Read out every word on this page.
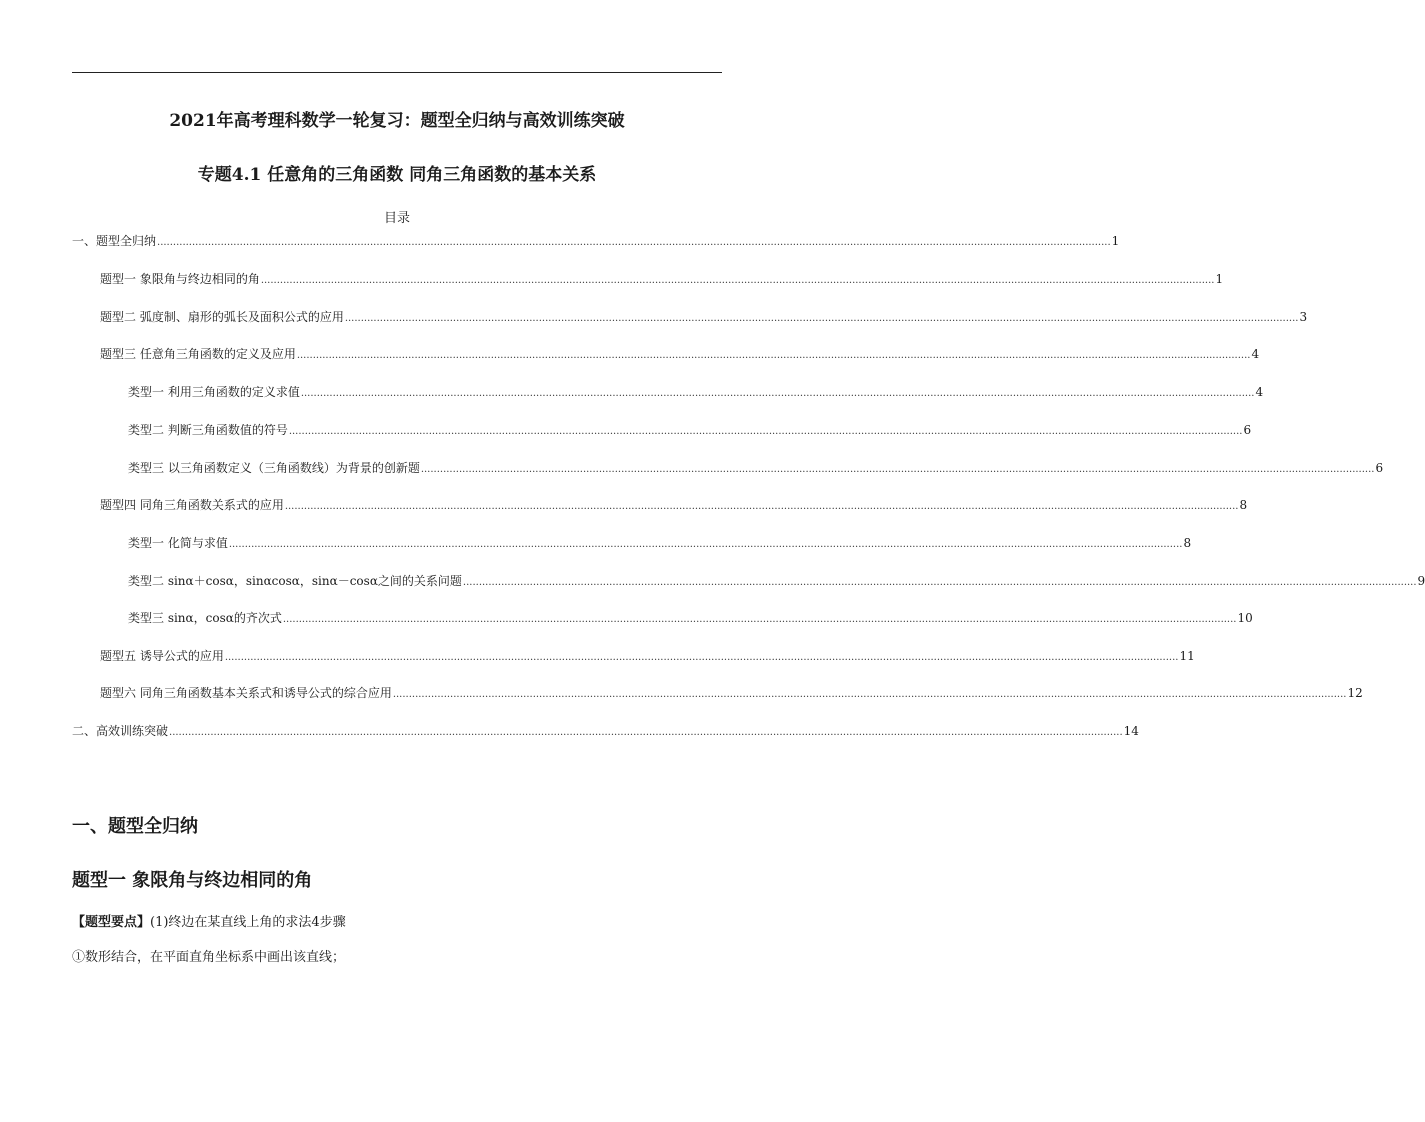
2021年高考理科数学一轮复习：题型全归纳与高效训练突破
专题4.1 任意角的三角函数 同角三角函数的基本关系
目录
一、题型全归纳 ............................................................................................................................................................................................................................................................................................................ 1
题型一 象限角与终边相同的角 ............................................................................................................................................................................................................................................................................................................ 1
题型二 弧度制、扇形的弧长及面积公式的应用 ............................................................................................................................................................................................................................................................................................................ 3
题型三 任意角三角函数的定义及应用 ............................................................................................................................................................................................................................................................................................................ 4
类型一 利用三角函数的定义求值 ............................................................................................................................................................................................................................................................................................................ 4
类型二 判断三角函数值的符号 ............................................................................................................................................................................................................................................................................................................ 6
类型三 以三角函数定义（三角函数线）为背景的创新题 ............................................................................................................................................................................................................................................................................................................ 6
题型四 同角三角函数关系式的应用 ............................................................................................................................................................................................................................................................................................................ 8
类型一 化简与求值 ............................................................................................................................................................................................................................................................................................................ 8
类型二 sinα＋cosα，sinαcosα，sinα－cosα之间的关系问题 ............................................................................................................................................................................................................................................................................................................ 9
类型三 sinα，cosα的齐次式 ............................................................................................................................................................................................................................................................................................................ 10
题型五 诱导公式的应用 ............................................................................................................................................................................................................................................................................................................ 11
题型六 同角三角函数基本关系式和诱导公式的综合应用 ............................................................................................................................................................................................................................................................................................................ 12
二、高效训练突破 ............................................................................................................................................................................................................................................................................................................ 14
一、题型全归纳
题型一 象限角与终边相同的角
【题型要点】(1)终边在某直线上角的求法4步骤
①数形结合，在平面直角坐标系中画出该直线；
